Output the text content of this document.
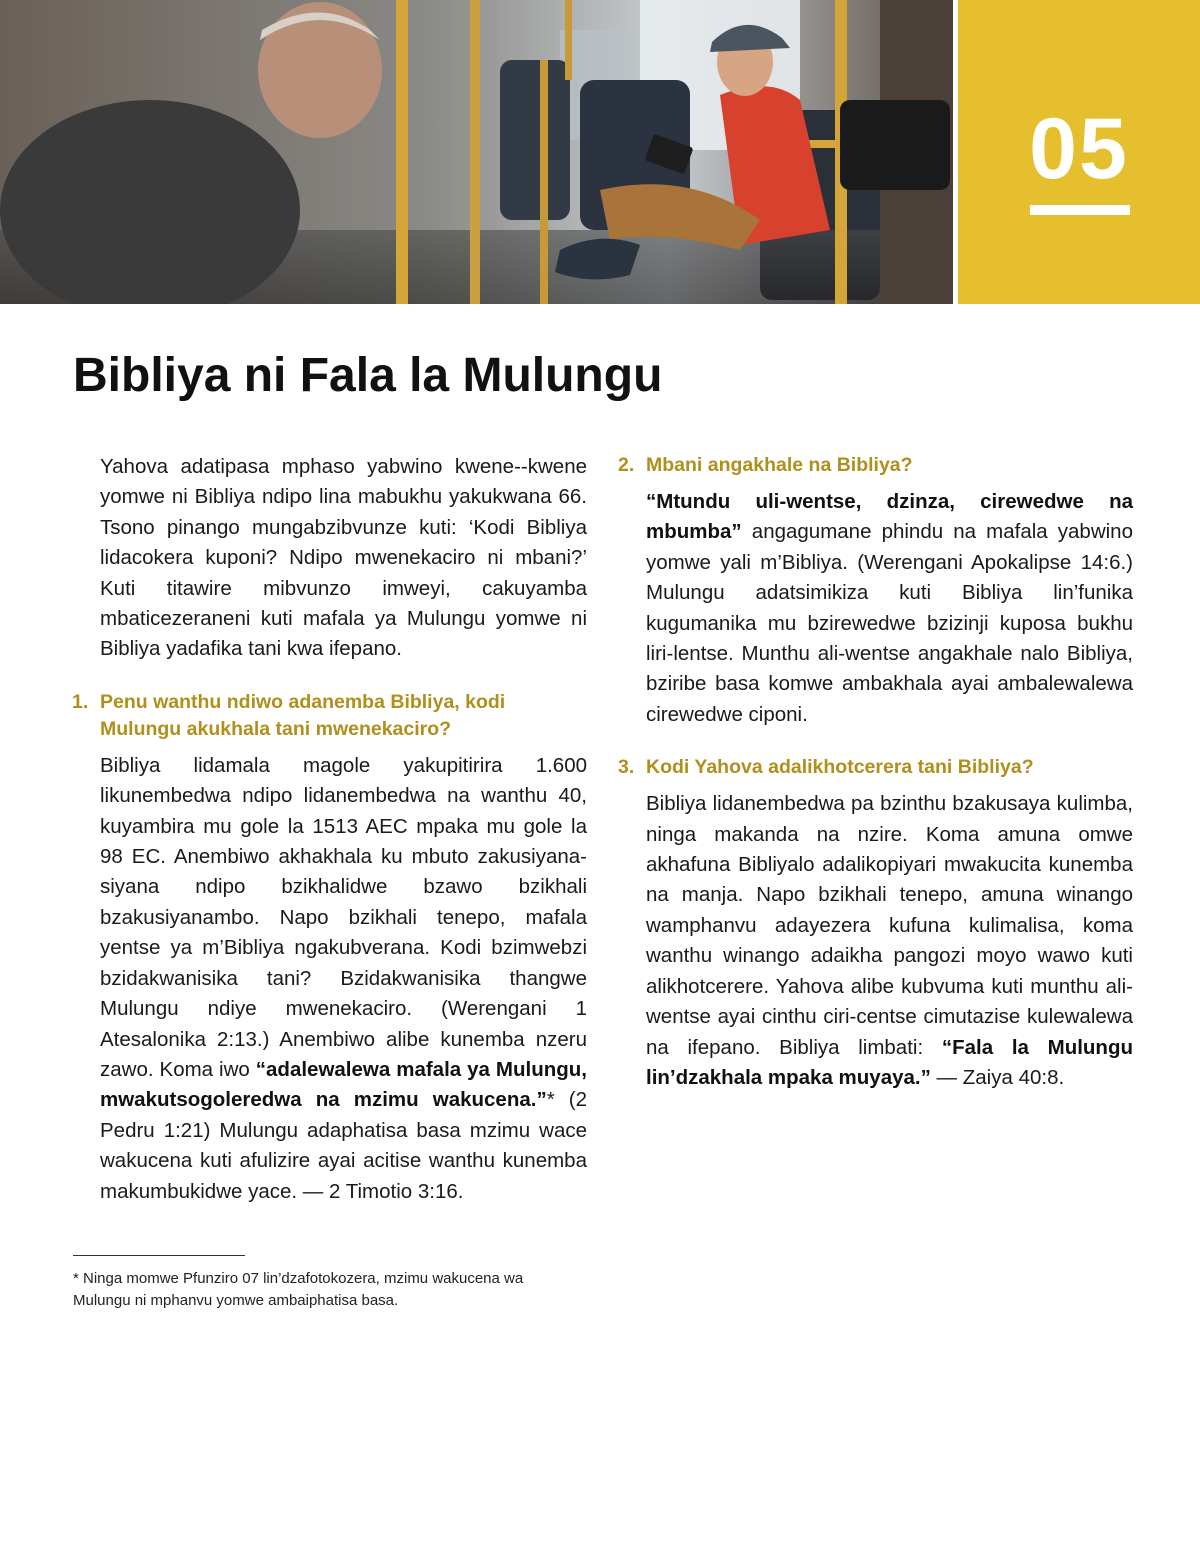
05
Bibliya ni Fala la Mulungu

Yahova adatipasa mphaso yabwino kwene--kwene yomwe ni Bibliya ndipo lina mabukhu yakukwana 66. Tsono pinango mungabzibvunze kuti: ‘Kodi Bibliya lidacokera kuponi? Ndipo mwenekaciro ni mbani?’ Kuti titawire mibvunzo imweyi, cakuyamba mbaticezeraneni kuti mafala ya Mulungu yomwe ni Bibliya yadafika tani kwa ifepano.

1. Penu wanthu ndiwo adanemba Bibliya, kodi Mulungu akukhala tani mwenekaciro?

Bibliya lidamala magole yakupitirira 1.600 likunembedwa ndipo lidanembedwa na wanthu 40, kuyambira mu gole la 1513 AEC mpaka mu gole la 98 EC. Anembiwo akhakhala ku mbuto zakusiyana-siyana ndipo bzikhalidwe bzawo bzikhali bzakusiyanambo. Napo bzikhali tenepo, mafala yentse ya m’Bibliya ngakubverana. Kodi bzimwebzi bzidakwanisika tani? Bzidakwanisika thangwe Mulungu ndiye mwenekaciro. (Werengani 1 Atesalonika 2:13.) Anembiwo alibe kunemba nzeru zawo. Koma iwo “adalewalewa mafala ya Mulungu, mwakutsogoleredwa na mzimu wakucena.”* (2 Pedru 1:21) Mulungu adaphatisa basa mzimu wace wakucena kuti afulizire ayai acitise wanthu kunemba makumbukidwe yace. — 2 Timotio 3:16.

2. Mbani angakhale na Bibliya?

“Mtundu uli-wentse, dzinza, cirewedwe na mbumba” angagumane phindu na mafala yabwino yomwe yali m’Bibliya. (Werengani Apokalipse 14:6.) Mulungu adatsimikiza kuti Bibliya lin’funika kugumanika mu bzirewedwe bzizinji kuposa bukhu liri-lentse. Munthu ali-wentse angakhale nalo Bibliya, bziribe basa komwe ambakhala ayai ambalewalewa cirewedwe ciponi.

3. Kodi Yahova adalikhotcerera tani Bibliya?

Bibliya lidanembedwa pa bzinthu bzakusaya kulimba, ninga makanda na nzire. Koma amuna omwe akhafuna Bibliyalo adalikopiyari mwakucita kunemba na manja. Napo bzikhali tenepo, amuna winango wamphanvu adayezera kufuna kulimalisa, koma wanthu winango adaikha pangozi moyo wawo kuti alikhotcerere. Yahova alibe kubvuma kuti munthu ali-wentse ayai cinthu ciri-centse cimutazise kulewalewa na ifepano. Bibliya limbati: “Fala la Mulungu lin’dzakhala mpaka muyaya.” — Zaiya 40:8.

* Ninga momwe Pfunziro 07 lin’dzafotokozera, mzimu wakucena wa Mulungu ni mphanvu yomwe ambaiphatisa basa.
